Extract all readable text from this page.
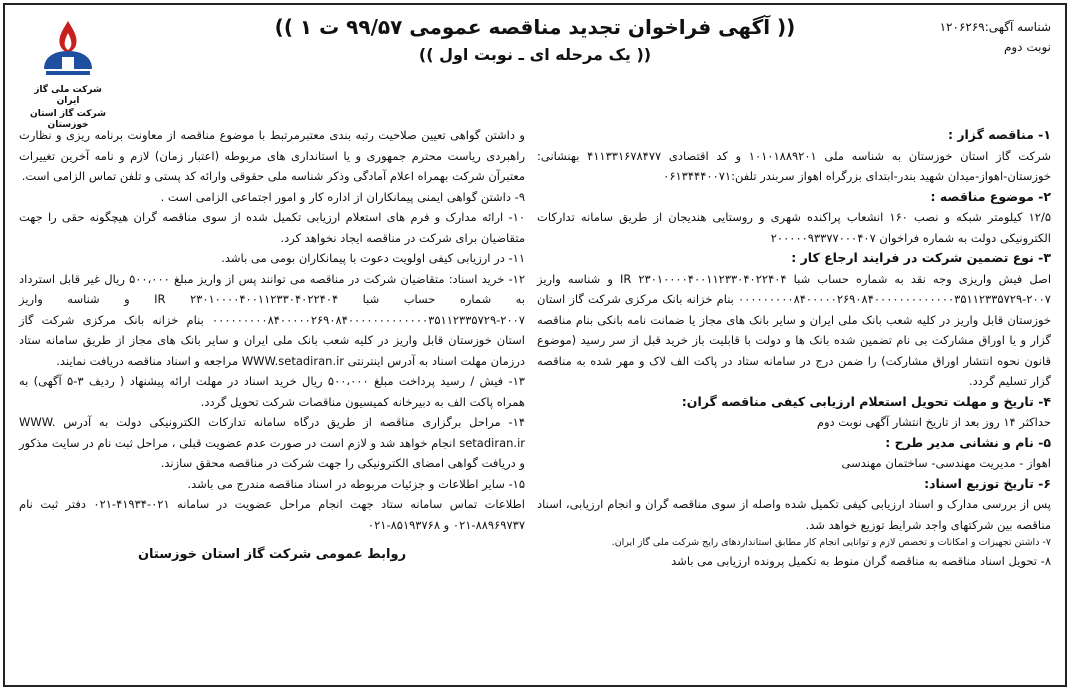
شناسه آگهی:۱۲۰۶۲۶۹
نوبت دوم
شرکت ملی گاز ایران
شرکت گاز استان خوزستان
(( آگهی فراخوان تجدید مناقصه عمومی ۹۹/۵۷ ت ۱ ))
(( یک مرحله ای ـ نوبت اول ))

۱- مناقصه گزار :

شرکت گاز استان خوزستان به شناسه ملی ۱۰۱۰۱۸۸۹۲۰۱ و کد اقتصادی ۴۱۱۳۳۱۶۷۸۴۷۷ بهنشانی: خوزستان-اهواز-میدان شهید بندر-ابتدای بزرگراه اهواز سربندر تلفن:۰۶۱۳۴۴۴۰۰۷۱

۲- موضوع مناقصه :

۱۲/۵ کیلومتر شبکه و نصب ۱۶۰ انشعاب پراکنده شهری و روستایی هندیجان از طریق سامانه تدارکات الکترونیکی دولت به شماره فراخوان ۲۰۰۰۰۰۹۳۳۷۷۰۰۰۴۰۷

۳- نوع تضمین شرکت در فرایند ارجاع کار :

اصل فیش واریزی وجه نقد به شماره حساب شبا IR ۲۳۰۱۰۰۰۰۴۰۰۱۱۲۳۳۰۴۰۲۲۴۰۴ و شناسه واریز ۲۰۰۷-۰۰۰۰۰۰۰۰۰۸۴۰۰۰۰۰۲۶۹۰۸۴۰۰۰۰۰۰۰۰۰۰۰۰۰۳۵۱۱۲۳۳۵۷۲۹ بنام خزانه بانک مرکزی شرکت گاز استان خوزستان قابل واریز در کلیه شعب بانک ملی ایران و سایر بانک های مجاز یا ضمانت نامه بانکی بنام مناقصه گزار و یا اوراق مشارکت بی نام تضمین شده بانک ها و دولت با قابلیت باز خرید قبل از سر رسید (موضوع قانون نحوه انتشار اوراق مشارکت) را ضمن درج در سامانه ستاد در پاکت الف لاک و مهر شده به مناقصه گزار تسلیم گردد.

۴- تاریخ و مهلت تحویل استعلام ارزیابی کیفی مناقصه گران:

حداکثر ۱۴ روز بعد از تاریخ انتشار آگهی نوبت دوم

۵- نام و نشانی مدیر طرح :

اهواز - مدیریت مهندسی- ساختمان مهندسی

۶- تاریخ توزیع اسناد:

پس از بررسی مدارک و اسناد ارزیابی کیفی تکمیل شده واصله از سوی مناقصه گران و انجام ارزیابی، اسناد مناقصه بین شرکتهای واجد شرایط توزیع خواهد شد.

۷- داشتن تجهیزات و امکانات و تخصص لازم و توانایی انجام کار مطابق استانداردهای رایج شرکت ملی گاز ایران.

۸- تحویل اسناد مناقصه به مناقصه گران منوط به تکمیل پرونده ارزیابی می باشد

و داشتن گواهی تعیین صلاحیت رتبه بندی معتبرمرتبط با موضوع مناقصه از معاونت برنامه ریزی و نظارت راهبردی ریاست محترم جمهوری و یا استانداری های مربوطه (اعتبار زمان) لازم و نامه آخرین تغییرات معتبرآن شرکت بهمراه اعلام آمادگی وذکر شناسه ملی حقوقی وارائه کد پستی و تلفن تماس الزامی است.

۹- داشتن گواهی ایمنی پیمانکاران از اداره کار و امور اجتماعی الزامی است .

۱۰- ارائه مدارک و فرم های استعلام ارزیابی تکمیل شده از سوی مناقصه گران هیچگونه حقی را جهت متقاضیان برای شرکت در مناقصه ایجاد نخواهد کرد.

۱۱- در ارزیابی کیفی اولویت دعوت با پیمانکاران بومی می باشد.

۱۲- خرید اسناد: متقاضیان شرکت در مناقصه می توانند پس از واریز مبلغ ۵۰۰،۰۰۰ ریال غیر قابل استرداد به شماره حساب شبا IR ۲۳۰۱۰۰۰۰۴۰۰۱۱۲۳۳۰۴۰۲۲۴۰۴ و شناسه واریز ۲۰۰۷-۰۰۰۰۰۰۰۰۰۸۴۰۰۰۰۰۲۶۹۰۸۴۰۰۰۰۰۰۰۰۰۰۰۰۰۳۵۱۱۲۳۳۵۷۲۹ بنام خزانه بانک مرکزی شرکت گاز استان خوزستان قابل واریز در کلیه شعب بانک ملی ایران و سایر بانک های مجاز از طریق سامانه ستاد درزمان مهلت اسناد به آدرس اینترنتی WWW.setadiran.ir مراجعه و اسناد مناقصه دریافت نمایند.

۱۳- فیش / رسید پرداخت مبلغ ۵۰۰،۰۰۰ ریال خرید اسناد در مهلت ارائه پیشنهاد ( ردیف ۳-۵ آگهی) به همراه پاکت الف به دبیرخانه کمیسیون مناقصات شرکت تحویل گردد.

۱۴- مراحل برگزاری مناقصه از طریق درگاه سامانه تدارکات الکترونیکی دولت به آدرس WWW. setadiran.ir انجام خواهد شد و لازم است در صورت عدم عضویت قبلی ، مراحل ثبت نام در سایت مذکور و دریافت گواهی امضای الکترونیکی را جهت شرکت در مناقصه محقق سازند.

۱۵- سایر اطلاعات و جزئیات مربوطه در اسناد مناقصه مندرج می باشد.

اطلاعات تماس سامانه ستاد جهت انجام مراحل عضویت در سامانه ۰۲۱-۴۱۹۳۴-۰۲۱ دفتر ثبت نام ۸۸۹۶۹۷۳۷-۰۲۱ و ۸۵۱۹۳۷۶۸-۰۲۱

روابط عمومی شرکت گاز استان خوزستان
